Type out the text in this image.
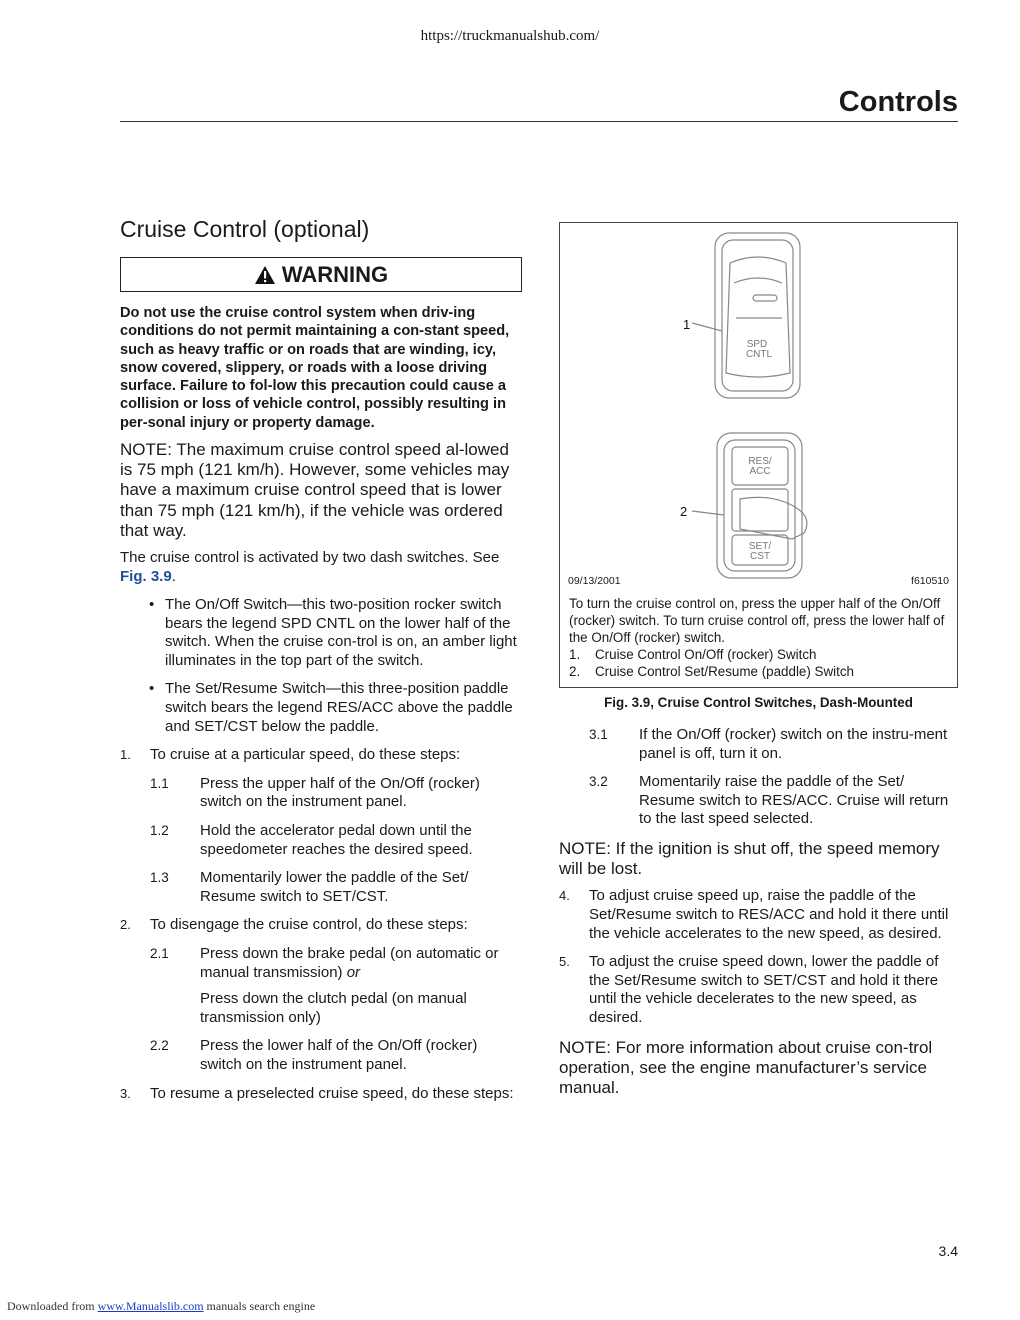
https://truckmanualshub.com/
Controls
Cruise Control (optional)
WARNING
Do not use the cruise control system when driv-ing conditions do not permit maintaining a con-stant speed, such as heavy traffic or on roads that are winding, icy, snow covered, slippery, or roads with a loose driving surface. Failure to fol-low this precaution could cause a collision or loss of vehicle control, possibly resulting in per-sonal injury or property damage.

NOTE: The maximum cruise control speed al-lowed is 75 mph (121 km/h). However, some vehicles may have a maximum cruise control speed that is lower than 75 mph (121 km/h), if the vehicle was ordered that way.

The cruise control is activated by two dash switches. See Fig. 3.9.

• The On/Off Switch—this two-position rocker switch bears the legend SPD CNTL on the lower half of the switch. When the cruise con-trol is on, an amber light illuminates in the top part of the switch.
• The Set/Resume Switch—this three-position paddle switch bears the legend RES/ACC above the paddle and SET/CST below the paddle.
1. To cruise at a particular speed, do these steps:
1.1 Press the upper half of the On/Off (rocker) switch on the instrument panel.
1.2 Hold the accelerator pedal down until the speedometer reaches the desired speed.
1.3 Momentarily lower the paddle of the Set/ Resume switch to SET/CST.
2. To disengage the cruise control, do these steps:
2.1 Press down the brake pedal (on automatic or manual transmission) or
Press down the clutch pedal (on manual transmission only)
2.2 Press the lower half of the On/Off (rocker) switch on the instrument panel.
3. To resume a preselected cruise speed, do these steps:
SPD
CNTL
RES/
ACC
SET/
CST
1
2
09/13/2001	f610510
To turn the cruise control on, press the upper half of the On/Off (rocker) switch. To turn cruise control off, press the lower half of the On/Off (rocker) switch.
1. Cruise Control On/Off (rocker) Switch
2. Cruise Control Set/Resume (paddle) Switch
Fig. 3.9, Cruise Control Switches, Dash-Mounted
3.1 If the On/Off (rocker) switch on the instru-ment panel is off, turn it on.
3.2 Momentarily raise the paddle of the Set/ Resume switch to RES/ACC. Cruise will return to the last speed selected.

NOTE: If the ignition is shut off, the speed memory will be lost.

4. To adjust cruise speed up, raise the paddle of the Set/Resume switch to RES/ACC and hold it there until the vehicle accelerates to the new speed, as desired.
5. To adjust the cruise speed down, lower the paddle of the Set/Resume switch to SET/CST and hold it there until the vehicle decelerates to the new speed, as desired.

NOTE: For more information about cruise con-trol operation, see the engine manufacturer’s service manual.

3.4
Downloaded from www.Manualslib.com manuals search engine
